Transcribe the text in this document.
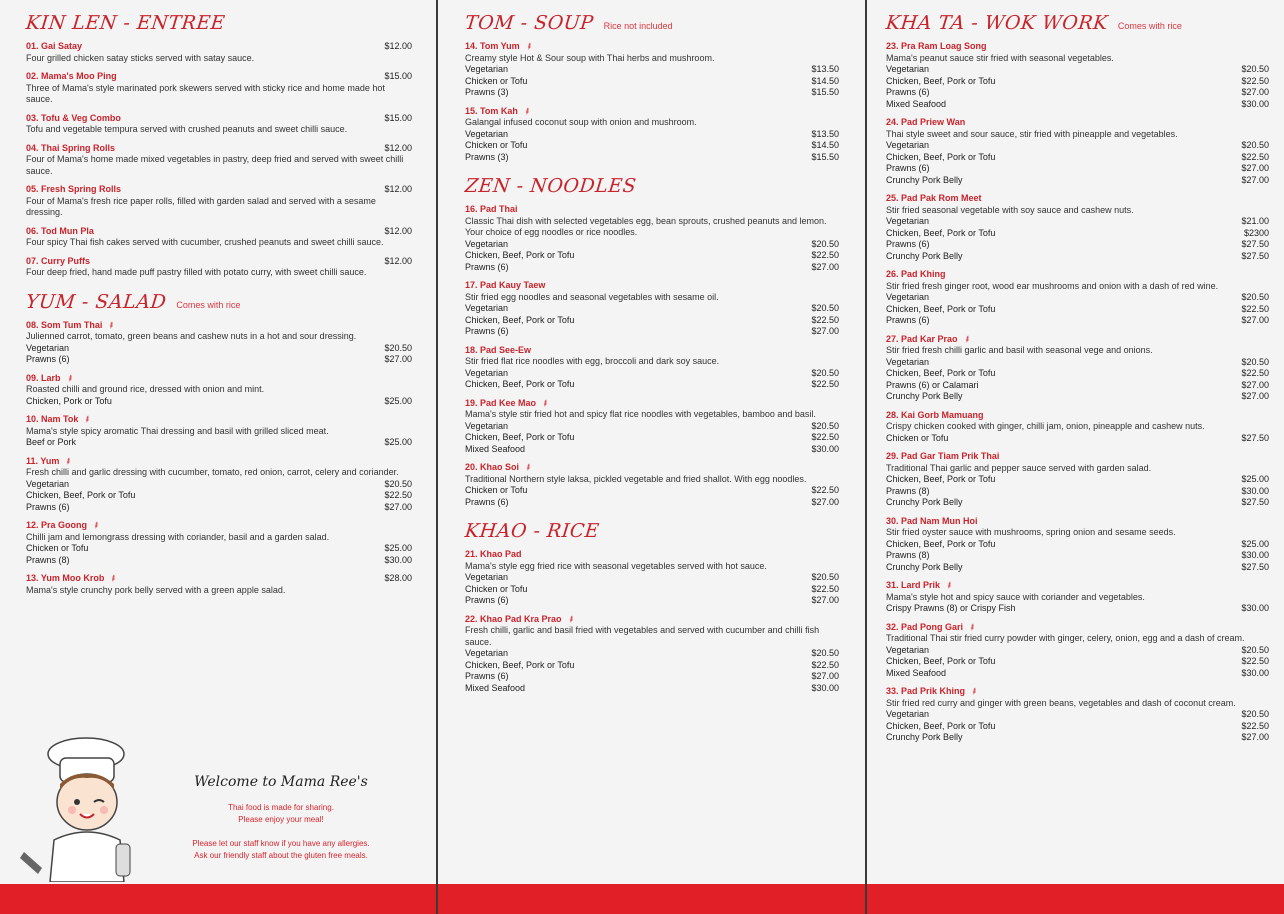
KIN LEN - ENTREE
01. Gai Satay	$12.00
Four grilled chicken satay sticks served with satay sauce.
02. Mama's Moo Ping	$15.00
Three of Mama's style marinated pork skewers served with sticky rice and home made hot sauce.
03. Tofu & Veg Combo	$15.00
Tofu and vegetable tempura served with crushed peanuts and sweet chilli sauce.
04. Thai Spring Rolls	$12.00
Four of Mama's home made mixed vegetables in pastry, deep fried and served with sweet chilli sauce.
05. Fresh Spring Rolls	$12.00
Four of Mama's fresh rice paper rolls, filled with garden salad and served with a sesame dressing.
06. Tod Mun Pla	$12.00
Four spicy Thai fish cakes served with cucumber, crushed peanuts and sweet chilli sauce.
07. Curry Puffs	$12.00
Four deep fried, hand made puff pastry filled with potato curry, with sweet chilli sauce.
YUM - SALAD Comes with rice
08. Som Tum Thai ⸙
Julienned carrot, tomato, green beans and cashew nuts in a hot and sour dressing.
Vegetarian	$20.50
Prawns (6)	$27.00
09. Larb ⸙
Roasted chilli and ground rice, dressed with onion and mint.
Chicken, Pork or Tofu	$25.00
10. Nam Tok ⸙
Mama's style spicy aromatic Thai dressing and basil with grilled sliced meat.
Beef or Pork	$25.00
11. Yum ⸙
Fresh chilli and garlic dressing with cucumber, tomato, red onion, carrot, celery and coriander.
Vegetarian	$20.50
Chicken, Beef, Pork or Tofu	$22.50
Prawns (6)	$27.00
12. Pra Goong ⸙
Chilli jam and lemongrass dressing with coriander, basil and a garden salad.
Chicken or Tofu	$25.00
Prawns (8)	$30.00
13. Yum Moo Krob ⸙	$28.00
Mama's style crunchy pork belly served with a green apple salad.
Welcome to Mama Ree's
Thai food is made for sharing.
Please enjoy your meal!

Please let our staff know if you have any allergies.
Ask our friendly staff about the gluten free meals.
TOM - SOUP Rice not included
14. Tom Yum ⸙
Creamy style Hot & Sour soup with Thai herbs and mushroom.
Vegetarian	$13.50
Chicken or Tofu	$14.50
Prawns (3)	$15.50
15. Tom Kah ⸙
Galangal infused coconut soup with onion and mushroom.
Vegetarian	$13.50
Chicken or Tofu	$14.50
Prawns (3)	$15.50
ZEN - NOODLES
16. Pad Thai
Classic Thai dish with selected vegetables egg, bean sprouts, crushed peanuts and lemon. Your choice of egg noodles or rice noodles.
Vegetarian	$20.50
Chicken, Beef, Pork or Tofu	$22.50
Prawns (6)	$27.00
17. Pad Kauy Taew
Stir fried egg noodles and seasonal vegetables with sesame oil.
Vegetarian	$20.50
Chicken, Beef, Pork or Tofu	$22.50
Prawns (6)	$27.00
18. Pad See-Ew
Stir fried flat rice noodles with egg, broccoli and dark soy sauce.
Vegetarian	$20.50
Chicken, Beef, Pork or Tofu	$22.50
19. Pad Kee Mao ⸙
Mama's style stir fried hot and spicy flat rice noodles with vegetables, bamboo and basil.
Vegetarian	$20.50
Chicken, Beef, Pork or Tofu	$22.50
Mixed Seafood	$30.00
20. Khao Soi ⸙
Traditional Northern style laksa, pickled vegetable and fried shallot. With egg noodles.
Chicken or Tofu	$22.50
Prawns (6)	$27.00
KHAO - RICE
21. Khao Pad
Mama's style egg fried rice with seasonal vegetables served with hot sauce.
Vegetarian	$20.50
Chicken or Tofu	$22.50
Prawns (6)	$27.00
22. Khao Pad Kra Prao ⸙
Fresh chilli, garlic and basil fried with vegetables and served with cucumber and chilli fish sauce.
Vegetarian	$20.50
Chicken, Beef, Pork or Tofu	$22.50
Prawns (6)	$27.00
Mixed Seafood	$30.00
KHA TA - WOK WORK Comes with rice
23. Pra Ram Loag Song
Mama's peanut sauce stir fried with seasonal vegetables.
Vegetarian	$20.50
Chicken, Beef, Pork or Tofu	$22.50
Prawns (6)	$27.00
Mixed Seafood	$30.00
24. Pad Priew Wan
Thai style sweet and sour sauce, stir fried with pineapple and vegetables.
Vegetarian	$20.50
Chicken, Beef, Pork or Tofu	$22.50
Prawns (6)	$27.00
Crunchy Pork Belly	$27.00
25. Pad Pak Rom Meet
Stir fried seasonal vegetable with soy sauce and cashew nuts.
Vegetarian	$21.00
Chicken, Beef, Pork or Tofu	$2300
Prawns (6)	$27.50
Crunchy Pork Belly	$27.50
26. Pad Khing
Stir fried fresh ginger root, wood ear mushrooms and onion with a dash of red wine.
Vegetarian	$20.50
Chicken, Beef, Pork or Tofu	$22.50
Prawns (6)	$27.00
27. Pad Kar Prao ⸙
Stir fried fresh chilli garlic and basil with seasonal vege and onions.
Vegetarian	$20.50
Chicken, Beef, Pork or Tofu	$22.50
Prawns (6) or Calamari	$27.00
Crunchy Pork Belly	$27.00
28. Kai Gorb Mamuang
Crispy chicken cooked with ginger, chilli jam, onion, pineapple and cashew nuts.
Chicken or Tofu	$27.50
29. Pad Gar Tiam Prik Thai
Traditional Thai garlic and pepper sauce served with garden salad.
Chicken, Beef, Pork or Tofu	$25.00
Prawns (8)	$30.00
Crunchy Pork Belly	$27.50
30. Pad Nam Mun Hoi
Stir fried oyster sauce with mushrooms, spring onion and sesame seeds.
Chicken, Beef, Pork or Tofu	$25.00
Prawns (8)	$30.00
Crunchy Pork Belly	$27.50
31. Lard Prik ⸙
Mama's style hot and spicy sauce with coriander and vegetables.
Crispy Prawns (8) or Crispy Fish	$30.00
32. Pad Pong Gari ⸙
Traditional Thai stir fried curry powder with ginger, celery, onion, egg and a dash of cream.
Vegetarian	$20.50
Chicken, Beef, Pork or Tofu	$22.50
Mixed Seafood	$30.00
33. Pad Prik Khing ⸙
Stir fried red curry and ginger with green beans, vegetables and dash of coconut cream.
Vegetarian	$20.50
Chicken, Beef, Pork or Tofu	$22.50
Crunchy Pork Belly	$27.00
